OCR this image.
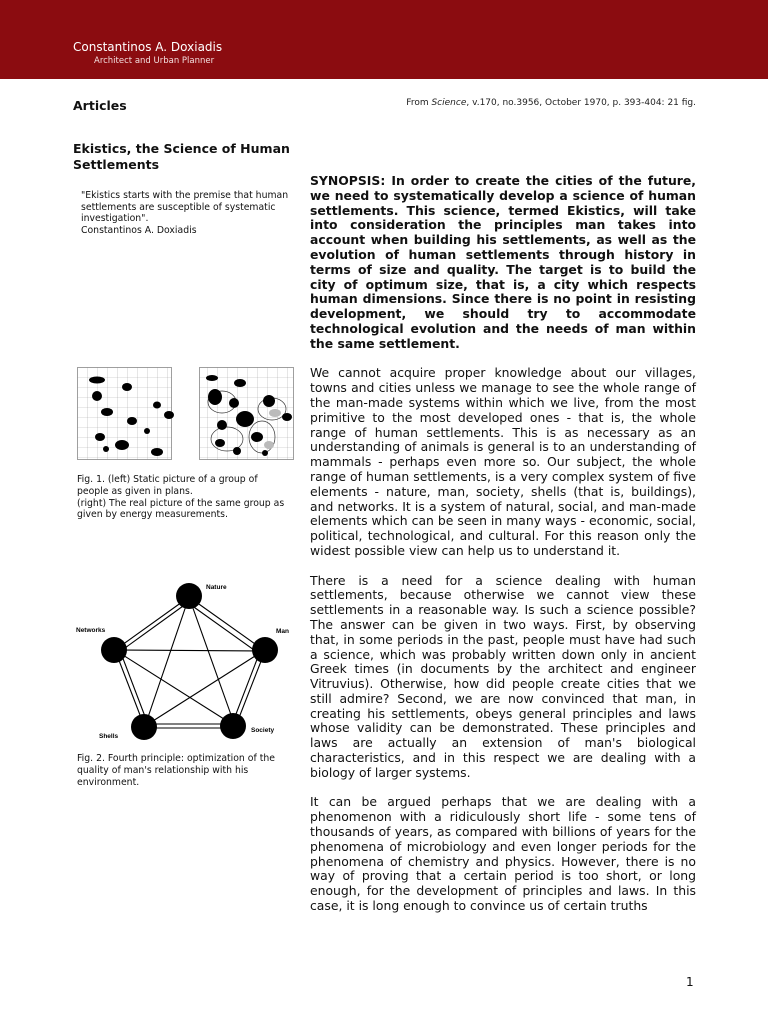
Constantinos A. Doxiadis
Architect and Urban Planner
Articles	From Science, v.170, no.3956, October 1970, p. 393-404: 21 fig.
Ekistics, the Science of Human Settlements
"Ekistics starts with the premise that human settlements are susceptible of systematic investigation".
Constantinos A. Doxiadis

SYNOPSIS: In order to create the cities of the future, we need to systematically develop a science of human settlements. This science, termed Ekistics, will take into consideration the principles man takes into account when building his settlements, as well as the evolution of human settlements through history in terms of size and quality. The target is to build the city of optimum size, that is, a city which respects human dimensions. Since there is no point in resisting development, we should try to accommodate technological evolution and the needs of man within the same settlement.

We cannot acquire proper knowledge about our villages, towns and cities unless we manage to see the whole range of the man-made systems within which we live, from the most primitive to the most developed ones - that is, the whole range of human settlements. This is as necessary as an understanding of animals is general is to an understanding of mammals - perhaps even more so. Our subject, the whole range of human settlements, is a very complex system of five elements - nature, man, society, shells (that is, buildings), and networks. It is a system of natural, social, and man-made elements which can be seen in many ways - economic, social, political, technological, and cultural. For this reason only the widest possible view can help us to understand it.

There is a need for a science dealing with human settlements, because otherwise we cannot view these settlements in a reasonable way. Is such a science possible? The answer can be given in two ways. First, by observing that, in some periods in the past, people must have had such a science, which was probably written down only in ancient Greek times (in documents by the architect and engineer Vitruvius). Otherwise, how did people create cities that we still admire? Second, we are now convinced that man, in creating his settlements, obeys general principles and laws whose validity can be demonstrated. These principles and laws are actually an extension of man's biological characteristics, and in this respect we are dealing with a biology of larger systems.

It can be argued perhaps that we are dealing with a phenomenon with a ridiculously short life - some tens of thousands of years, as compared with billions of years for the phenomena of microbiology and even longer periods for the phenomena of chemistry and physics. However, there is no way of proving that a certain period is too short, or long enough, for the development of principles and laws. In this case, it is long enough to convince us of certain truths

Fig. 1. (left) Static picture of a group of people as given in plans.
(right) The real picture of the same group as given by energy measurements.
Nature
Man
Society
Shells
Networks
Fig. 2. Fourth principle: optimization of the quality of man's relationship with his environment.
1
